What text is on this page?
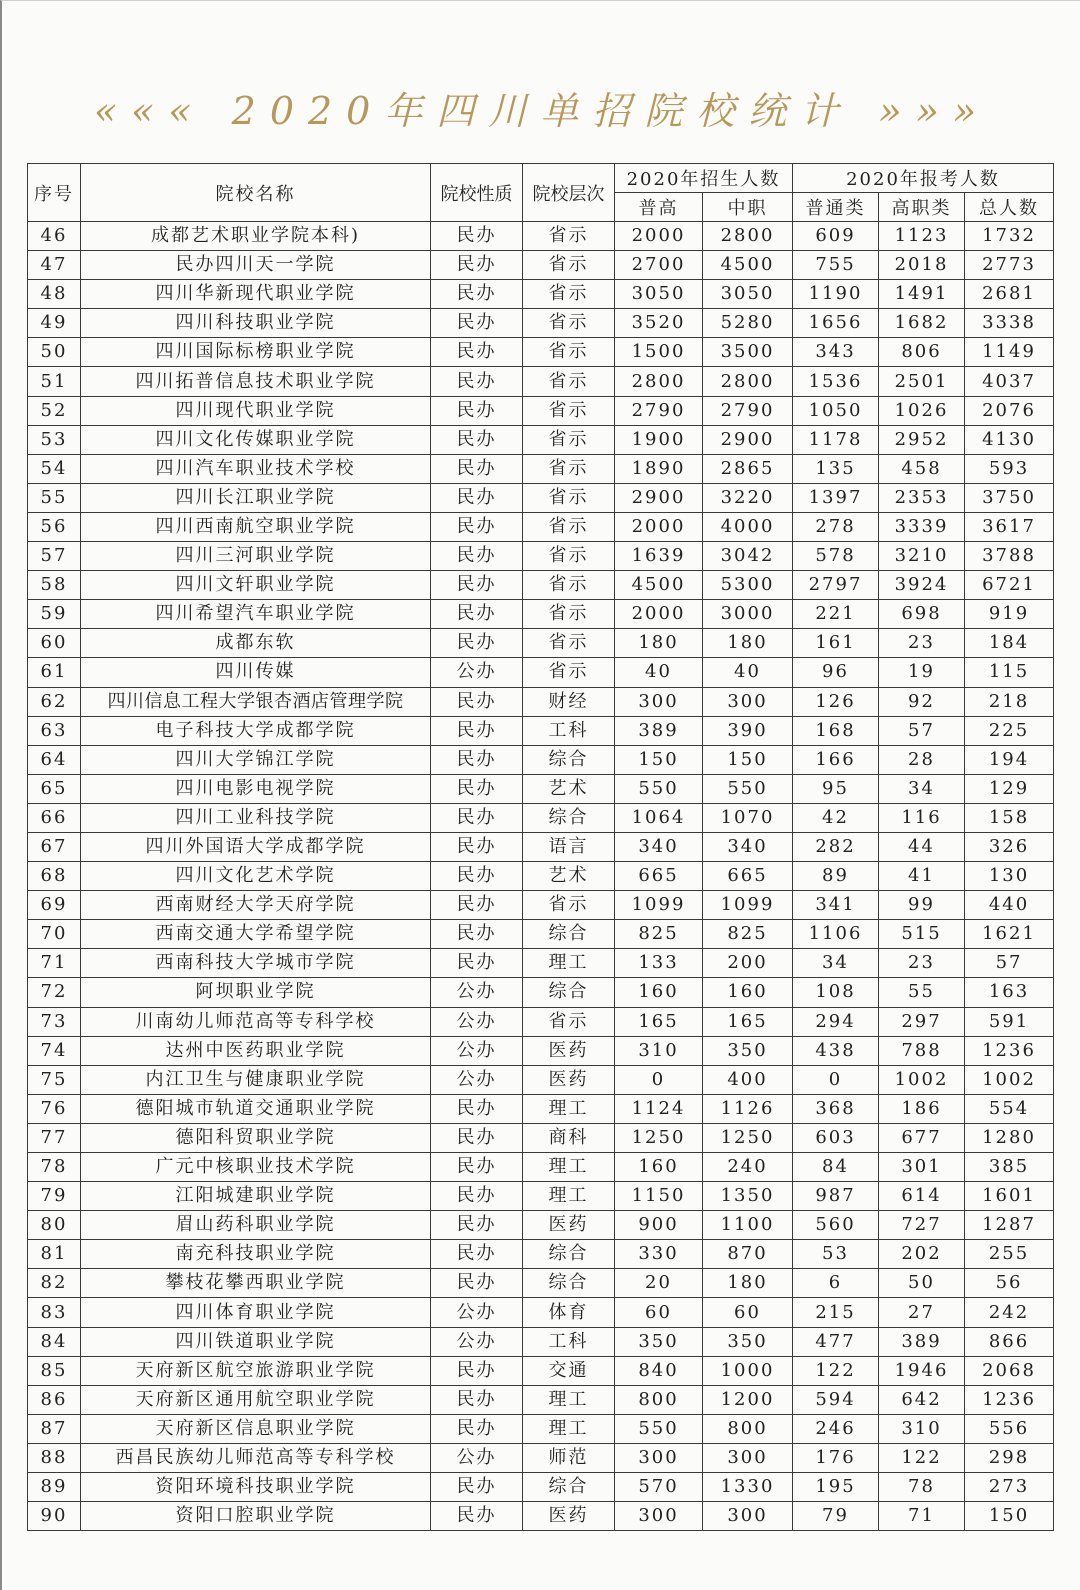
««« 2020年四川单招院校统计 »»»
序号	院校名称	院校性质	院校层次	2020年招生人数		2020年报考人数		
				普高	中职	普通类	高职类	总人数
46	成都艺术职业学院本科)	民办	省示	2000	2800	609	1123	1732
47	民办四川天一学院	民办	省示	2700	4500	755	2018	2773
48	四川华新现代职业学院	民办	省示	3050	3050	1190	1491	2681
49	四川科技职业学院	民办	省示	3520	5280	1656	1682	3338
50	四川国际标榜职业学院	民办	省示	1500	3500	343	806	1149
51	四川拓普信息技术职业学院	民办	省示	2800	2800	1536	2501	4037
52	四川现代职业学院	民办	省示	2790	2790	1050	1026	2076
53	四川文化传媒职业学院	民办	省示	1900	2900	1178	2952	4130
54	四川汽车职业技术学校	民办	省示	1890	2865	135	458	593
55	四川长江职业学院	民办	省示	2900	3220	1397	2353	3750
56	四川西南航空职业学院	民办	省示	2000	4000	278	3339	3617
57	四川三河职业学院	民办	省示	1639	3042	578	3210	3788
58	四川文轩职业学院	民办	省示	4500	5300	2797	3924	6721
59	四川希望汽车职业学院	民办	省示	2000	3000	221	698	919
60	成都东软	民办	省示	180	180	161	23	184
61	四川传媒	公办	省示	40	40	96	19	115
62	四川信息工程大学银杏酒店管理学院	民办	财经	300	300	126	92	218
63	电子科技大学成都学院	民办	工科	389	390	168	57	225
64	四川大学锦江学院	民办	综合	150	150	166	28	194
65	四川电影电视学院	民办	艺术	550	550	95	34	129
66	四川工业科技学院	民办	综合	1064	1070	42	116	158
67	四川外国语大学成都学院	民办	语言	340	340	282	44	326
68	四川文化艺术学院	民办	艺术	665	665	89	41	130
69	西南财经大学天府学院	民办	省示	1099	1099	341	99	440
70	西南交通大学希望学院	民办	综合	825	825	1106	515	1621
71	西南科技大学城市学院	民办	理工	133	200	34	23	57
72	阿坝职业学院	公办	综合	160	160	108	55	163
73	川南幼儿师范高等专科学校	公办	省示	165	165	294	297	591
74	达州中医药职业学院	公办	医药	310	350	438	788	1236
75	内江卫生与健康职业学院	公办	医药	0	400	0	1002	1002
76	德阳城市轨道交通职业学院	民办	理工	1124	1126	368	186	554
77	德阳科贸职业学院	民办	商科	1250	1250	603	677	1280
78	广元中核职业技术学院	民办	理工	160	240	84	301	385
79	江阳城建职业学院	民办	理工	1150	1350	987	614	1601
80	眉山药科职业学院	民办	医药	900	1100	560	727	1287
81	南充科技职业学院	民办	综合	330	870	53	202	255
82	攀枝花攀西职业学院	民办	综合	20	180	6	50	56
83	四川体育职业学院	公办	体育	60	60	215	27	242
84	四川铁道职业学院	公办	工科	350	350	477	389	866
85	天府新区航空旅游职业学院	民办	交通	840	1000	122	1946	2068
86	天府新区通用航空职业学院	民办	理工	800	1200	594	642	1236
87	天府新区信息职业学院	民办	理工	550	800	246	310	556
88	西昌民族幼儿师范高等专科学校	公办	师范	300	300	176	122	298
89	资阳环境科技职业学院	民办	综合	570	1330	195	78	273
90	资阳口腔职业学院	民办	医药	300	300	79	71	150
